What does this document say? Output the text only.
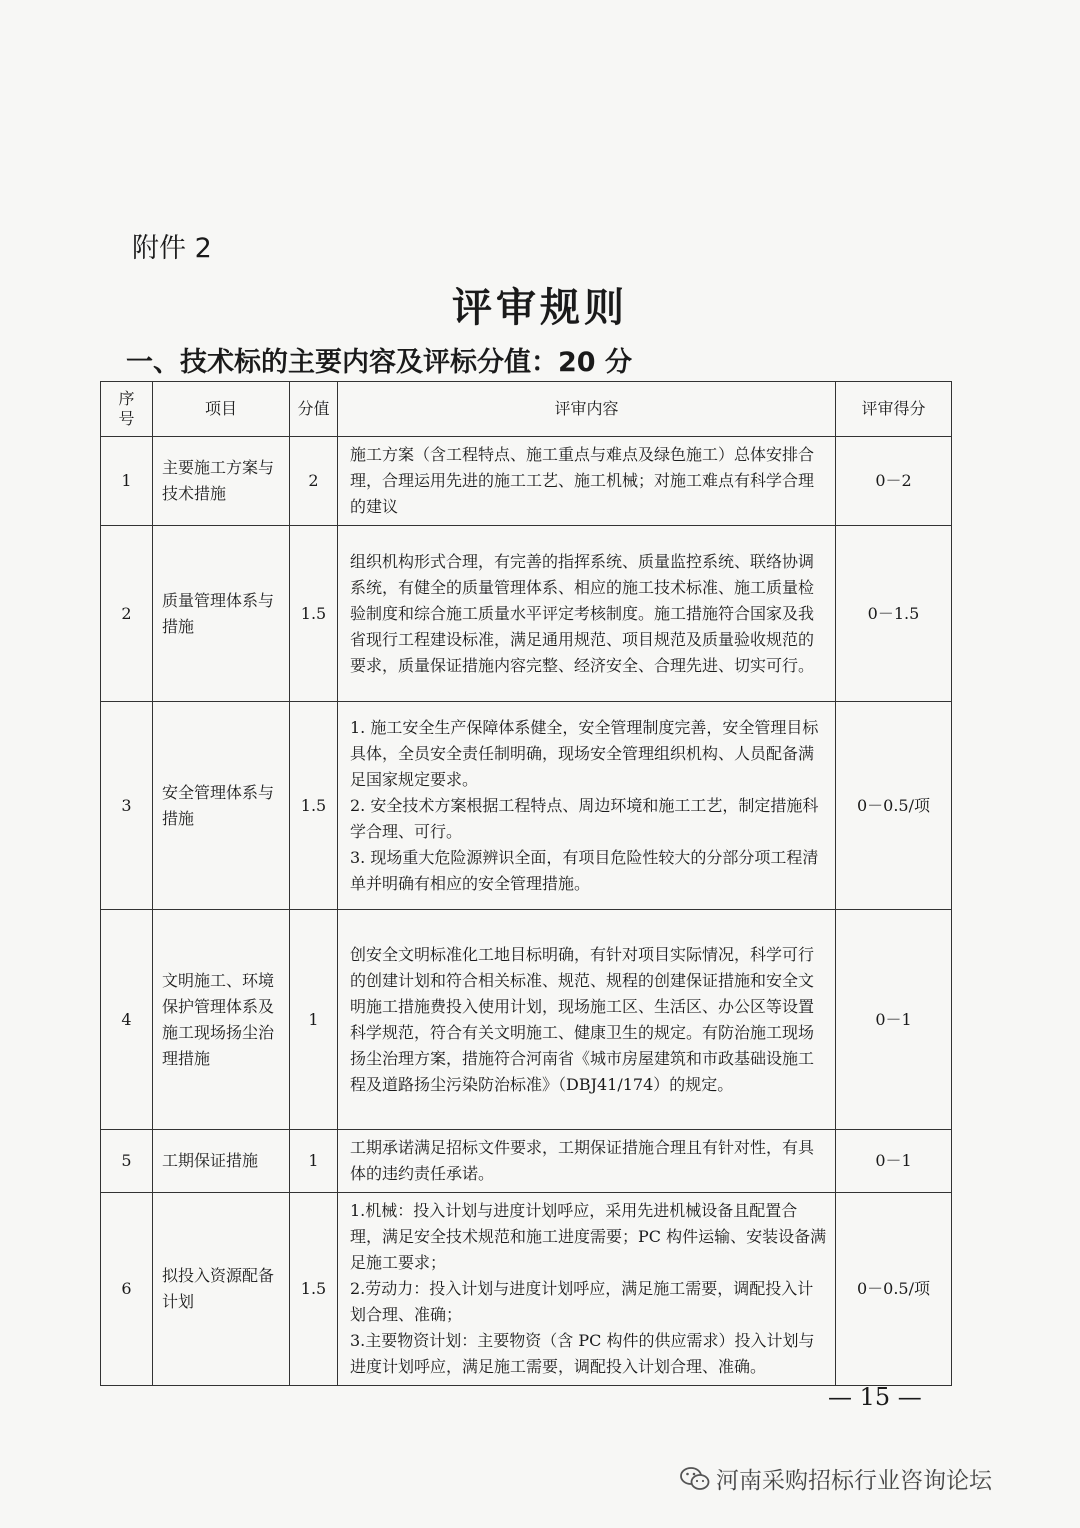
附件 2
评审规则
一、技术标的主要内容及评标分值：20 分
序号	项目	分值	评审内容	评审得分
1	主要施工方案与技术措施	2	施工方案（含工程特点、施工重点与难点及绿色施工）总体安排合理，合理运用先进的施工工艺、施工机械；对施工难点有科学合理的建议	0－2
2	质量管理体系与措施	1.5	组织机构形式合理，有完善的指挥系统、质量监控系统、联络协调系统，有健全的质量管理体系、相应的施工技术标准、施工质量检验制度和综合施工质量水平评定考核制度。施工措施符合国家及我省现行工程建设标准，满足通用规范、项目规范及质量验收规范的要求，质量保证措施内容完整、经济安全、合理先进、切实可行。	0－1.5
3	安全管理体系与措施	1.5	1. 施工安全生产保障体系健全，安全管理制度完善，安全管理目标具体，全员安全责任制明确，现场安全管理组织机构、人员配备满足国家规定要求。
2. 安全技术方案根据工程特点、周边环境和施工工艺，制定措施科学合理、可行。
3. 现场重大危险源辨识全面，有项目危险性较大的分部分项工程清单并明确有相应的安全管理措施。	0－0.5/项
4	文明施工、环境保护管理体系及施工现场扬尘治理措施	1	创安全文明标准化工地目标明确，有针对项目实际情况，科学可行的创建计划和符合相关标准、规范、规程的创建保证措施和安全文明施工措施费投入使用计划，现场施工区、生活区、办公区等设置科学规范，符合有关文明施工、健康卫生的规定。有防治施工现场扬尘治理方案，措施符合河南省《城市房屋建筑和市政基础设施工程及道路扬尘污染防治标准》（DBJ41/174）的规定。	0－1
5	工期保证措施	1	工期承诺满足招标文件要求，工期保证措施合理且有针对性，有具体的违约责任承诺。	0－1
6	拟投入资源配备计划	1.5	1.机械：投入计划与进度计划呼应，采用先进机械设备且配置合理，满足安全技术规范和施工进度需要；PC 构件运输、安装设备满足施工要求；
2.劳动力：投入计划与进度计划呼应，满足施工需要，调配投入计划合理、准确；
3.主要物资计划：主要物资（含 PC 构件的供应需求）投入计划与进度计划呼应，满足施工需要，调配投入计划合理、准确。	0－0.5/项
— 15 —
河南采购招标行业咨询论坛
